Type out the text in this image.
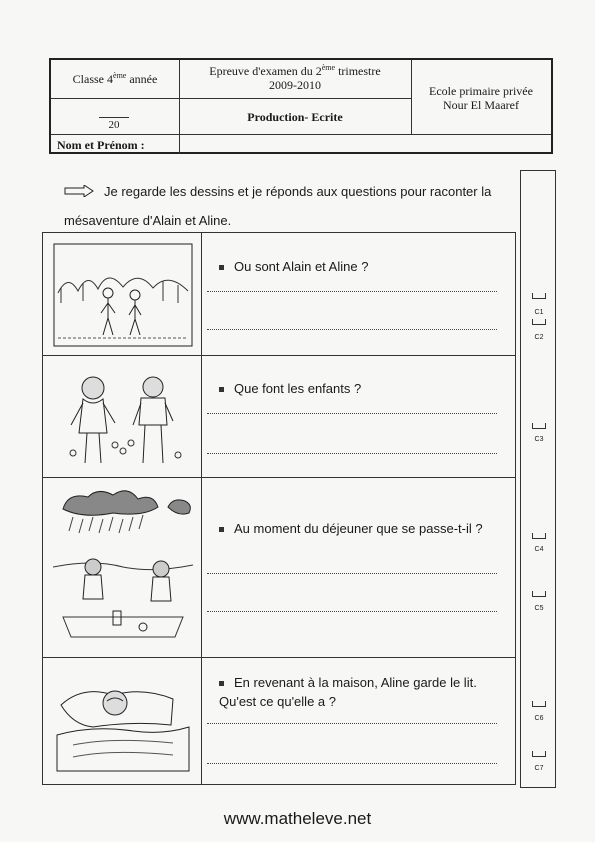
Classe 4ème année
Epreuve d'examen du 2ème trimestre
2009-2010
Production- Ecrite
Ecole primaire privée
Nour El Maaref
20
Nom et Prénom :
Je regarde les dessins et je réponds aux questions pour raconter la mésaventure d'Alain et Aline.
Ou sont Alain et Aline ?
Que font les enfants ?
Au moment du déjeuner que se passe-t-il ?
En revenant à la maison, Aline garde le lit. Qu'est ce qu'elle a ?
C1
C2
C3
C4
C5
C6
C7
www.matheleve.net
